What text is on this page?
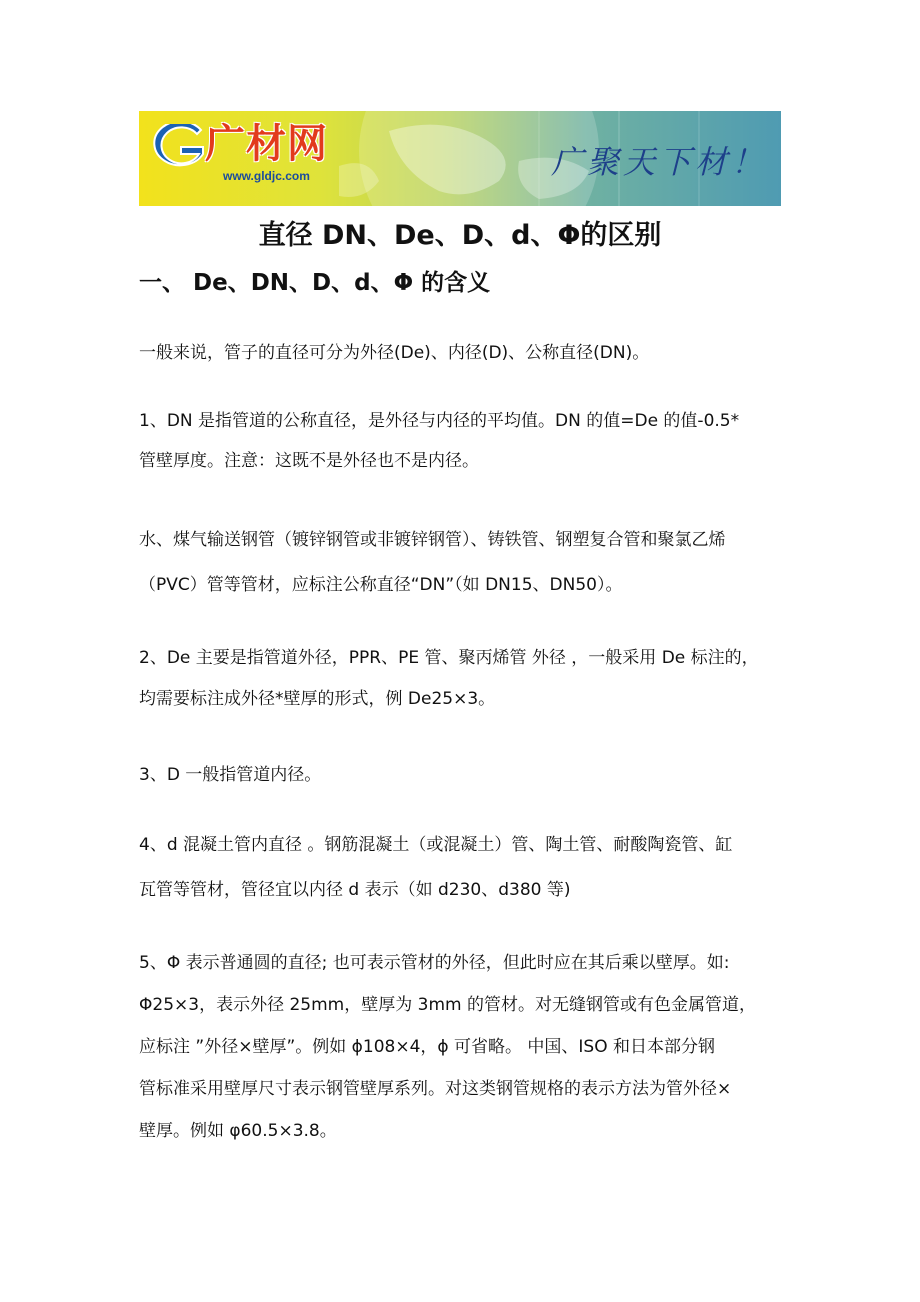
广材网
www.gldjc.com	广聚天下材！
直径 DN、De、D、d、Φ的区别
一、 De、DN、D、d、Φ 的含义

一般来说，管子的直径可分为外径(De)、内径(D)、公称直径(DN)。

1、DN 是指管道的公称直径，是外径与内径的平均值。DN 的值=De 的值-0.5*
管壁厚度。注意：这既不是外径也不是内径。

水、煤气输送钢管（镀锌钢管或非镀锌钢管）、铸铁管、钢塑复合管和聚氯乙烯
（PVC）管等管材，应标注公称直径“DN”（如 DN15、DN50）。

2、De 主要是指管道外径，PPR、PE 管、聚丙烯管 外径 ，一般采用 De 标注的，
均需要标注成外径*壁厚的形式，例 De25×3。

3、D 一般指管道内径。

4、d 混凝土管内直径 。钢筋混凝土（或混凝土）管、陶土管、耐酸陶瓷管、缸
瓦管等管材，管径宜以内径 d 表示（如 d230、d380 等)

5、Φ 表示普通圆的直径; 也可表示管材的外径，但此时应在其后乘以壁厚。如:
Φ25×3，表示外径 25mm，壁厚为 3mm 的管材。对无缝钢管或有色金属管道，
应标注 ”外径×壁厚”。例如 ϕ108×4，ϕ 可省略。 中国、ISO 和日本部分钢
管标准采用壁厚尺寸表示钢管壁厚系列。对这类钢管规格的表示方法为管外径×
壁厚。例如 φ60.5×3.8。
